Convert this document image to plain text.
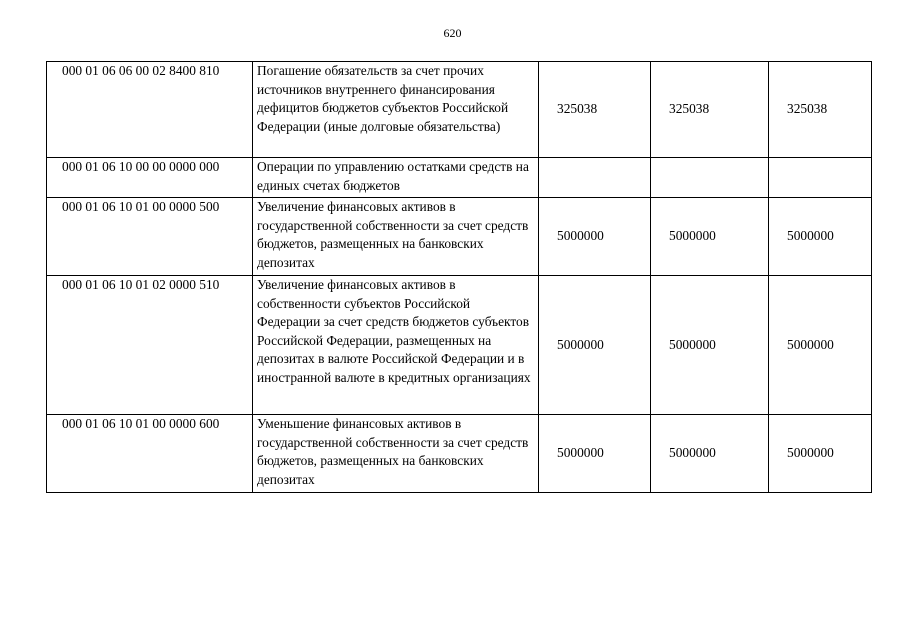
620
000 01 06 06 00 02 8400 810	Погашение обязательств за счет прочих источников внутреннего финансирования дефицитов бюджетов субъектов Российской Федерации (иные долговые обязательства)	325038	325038	325038
000 01 06 10 00 00 0000 000	Операции по управлению остатками средств на единых счетах бюджетов			
000 01 06 10 01 00 0000 500	Увеличение финансовых активов в государственной собственности за счет средств бюджетов, размещенных на банковских депозитах	5000000	5000000	5000000
000 01 06 10 01 02 0000 510	Увеличение финансовых активов в собственности субъектов Российской Федерации за счет средств бюджетов субъектов Российской Федерации, размещенных на депозитах в валюте Российской Федерации и в иностранной валюте в кредитных организациях	5000000	5000000	5000000
000 01 06 10 01 00 0000 600	Уменьшение финансовых активов в государственной собственности за счет средств бюджетов, размещенных на банковских депозитах	5000000	5000000	5000000
